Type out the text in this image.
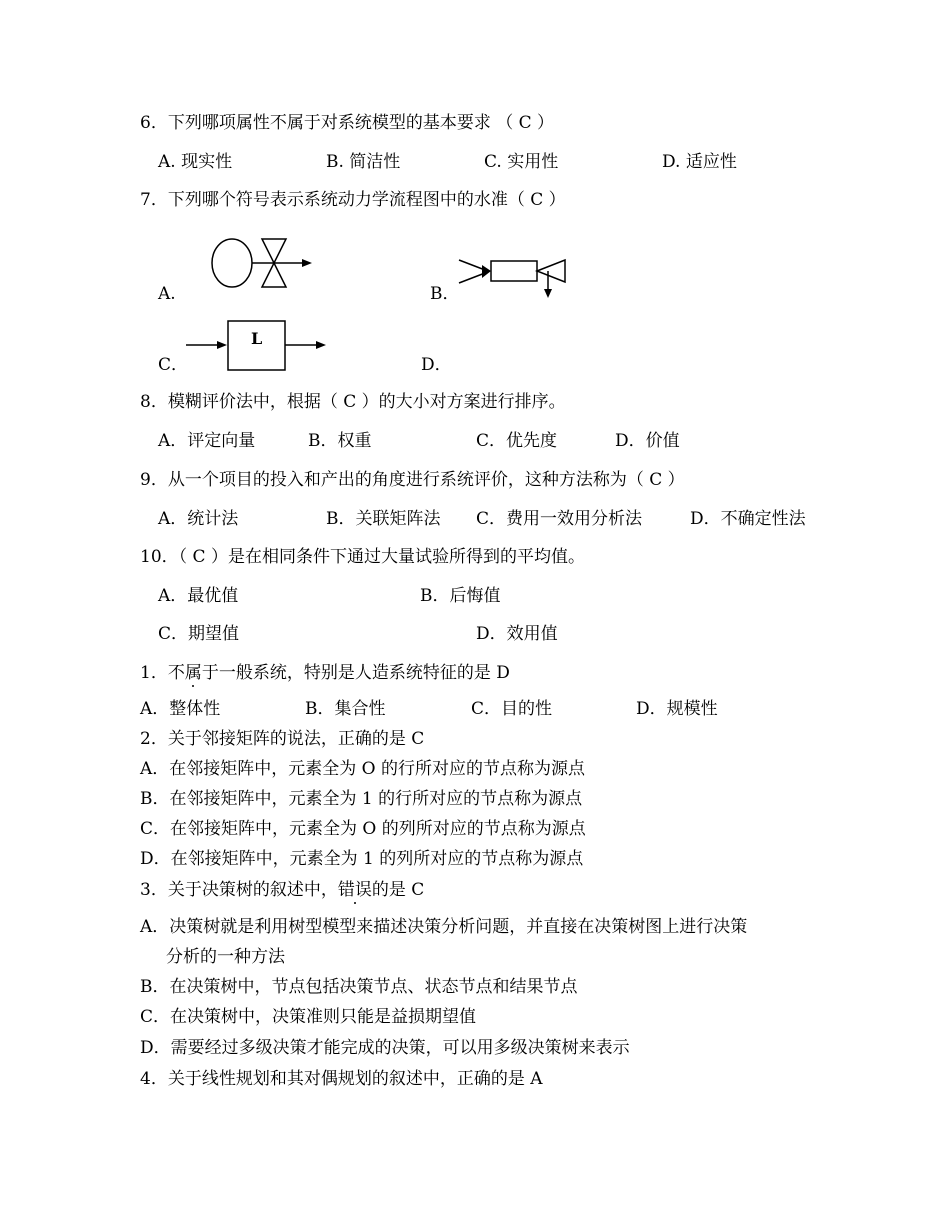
6．下列哪项属性不属于对系统模型的基本要求 （ C ）
A. 现实性	B. 简洁性	C. 实用性	D. 适应性
7．下列哪个符号表示系统动力学流程图中的水准（ C ）
A.	B．
C．
L
D．
8．模糊评价法中，根据（ C ）的大小对方案进行排序。
A．评定向量	B．权重	C．优先度	D．价值
9．从一个项目的投入和产出的角度进行系统评价，这种方法称为（ C ）
A．统计法	B．关联矩阵法 C．费用一效用分析法	D．不确定性法
10．（ C ）是在相同条件下通过大量试验所得到的平均值。
A．最优值	B．后悔值
C．期望值	D．效用值
1．不属于一般系统，特别是人造系统特征的是 D
A．整体性	B．集合性	C．目的性	D．规模性
2．关于邻接矩阵的说法，正确的是 C
A．在邻接矩阵中，元素全为 O 的行所对应的节点称为源点
B．在邻接矩阵中，元素全为 1 的行所对应的节点称为源点
C．在邻接矩阵中，元素全为 O 的列所对应的节点称为源点
D．在邻接矩阵中，元素全为 1 的列所对应的节点称为源点
3．关于决策树的叙述中，错误的是 C
A．决策树就是利用树型模型来描述决策分析问题，并直接在决策树图上进行决策
分析的一种方法
B．在决策树中，节点包括决策节点、状态节点和结果节点
C．在决策树中，决策准则只能是益损期望值
D．需要经过多级决策才能完成的决策，可以用多级决策树来表示
4．关于线性规划和其对偶规划的叙述中，正确的是 A
